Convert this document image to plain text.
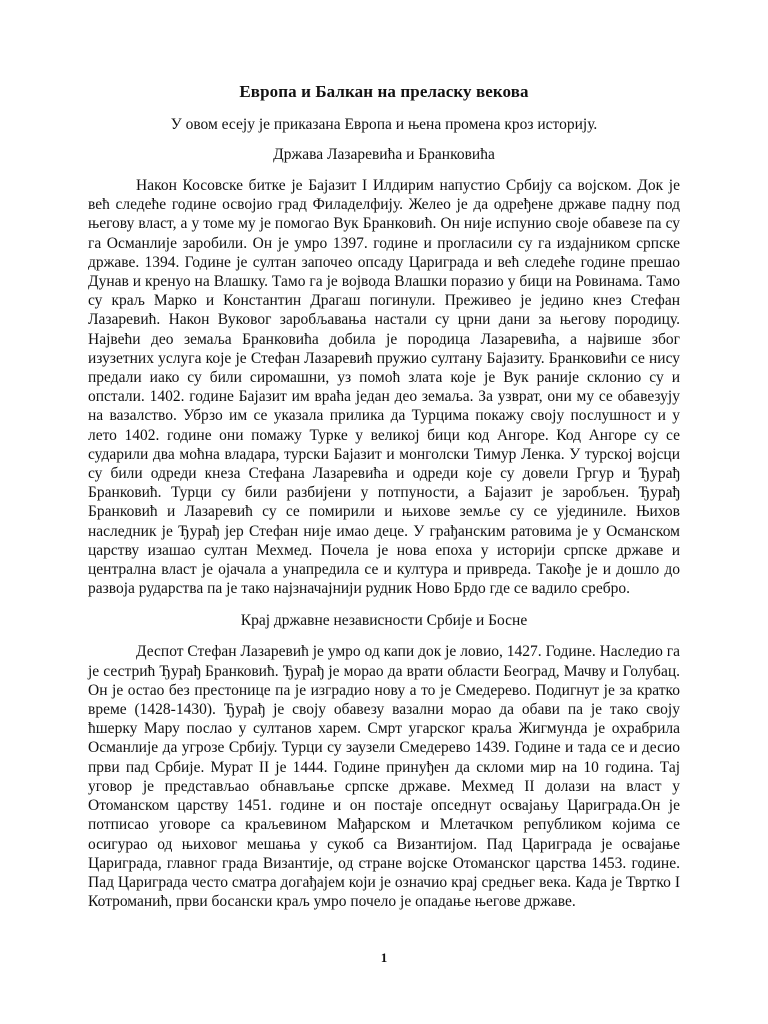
Европа и Балкан на преласку векова

У овом есеју је приказана Европа и њена промена кроз историју.

Држава Лазаревића и Бранковића

Након Косовске битке је Бајазит I Илдирим напустио Србију са војском. Док је већ следеће године освојио град Филаделфију. Желео је да одређене државе падну под његову власт, а у томе му је помогао Вук Бранковић. Он није испунио своје обавезе па су га Османлије заробили. Он је умро 1397. године и прогласили су га издајником српске државе. 1394. Године је султан започео опсаду Цариграда и већ следеће године прешао Дунав и кренуо на Влашку. Тамо га је војвода Влашки поразио у бици на Ровинама. Тамо су краљ Марко и Константин Драгаш погинули. Преживео је једино кнез Стефан Лазаревић. Након Вуковог заробљавања настали су црни дани за његову породицу. Највећи део земаља Бранковића добила је породица Лазаревића, а највише због изузетних услуга које је Стефан Лазаревић пружио султану Бајазиту. Бранковићи се нису предали иако су били сиромашни, уз помоћ злата које је Вук раније склонио су и опстали. 1402. године Бајазит им враћа један део земаља. За узврат, они му се обавезују на вазалство. Убрзо им се указала прилика да Турцима покажу своју послушност и у лето 1402. године они помажу Турке у великој бици код Ангоре. Код Ангоре су се сударили два моћна владара, турски Бајазит и монголски Тимур Ленка. У турској војсци су били одреди кнеза Стефана Лазаревића и одреди које су довели Гргур и Ђурађ Бранковић. Турци су били разбијени у потпуности, а Бајазит је заробљен. Ђурађ Бранковић и Лазаревић су се помирили и њихове земље су се ујединиле. Њихов наследник је Ђурађ јер Стефан није имао деце. У грађанским ратовима је у Османском царству изашао султан Мехмед. Почела је нова епоха у историји српске државе и централна власт је ојачала а унапредила се и култура и привреда. Такође је и дошло до развоја рударства па је тако најзначајнији рудник Ново Брдо где се вадило сребро.

Крај државне независности Србије и Босне

Деспот Стефан Лазаревић је умро од капи док је ловио, 1427. Године. Наследио га је сестрић Ђурађ Бранковић. Ђурађ је морао да врати области Београд, Мачву и Голубац. Он је остао без престонице па је изградио нову а то је Смедерево. Подигнут је за кратко време (1428-1430). Ђурађ је своју обавезу вазални морао да обави па је тако своју ћшерку Мару послао у султанов харем. Смрт угарског краља Жигмунда је охрабрила Османлије да угрозе Србију. Турци су заузели Смедерево 1439. Године и тада се и десио први пад Србије. Мурат II је 1444. Године принуђен да скломи мир на 10 година. Тај уговор је представљао обнављање српске државе. Мехмед II долази на власт у Отоманском царству 1451. године и он постаје опседнут освајању Цариграда.Он је потписао уговоре са краљевином Мађарском и Млетачком републиком којима се осигурао од њиховог мешања у сукоб са Византијом. Пад Цариграда је освајање Цариграда, главног града Византије, од стране војске Отоманског царства 1453. године. Пад Цариграда често сматра догађајем који је означио крај средњег века. Када је Твртко I Котроманић, први босански краљ умро почело је опадање његове државе.

1
